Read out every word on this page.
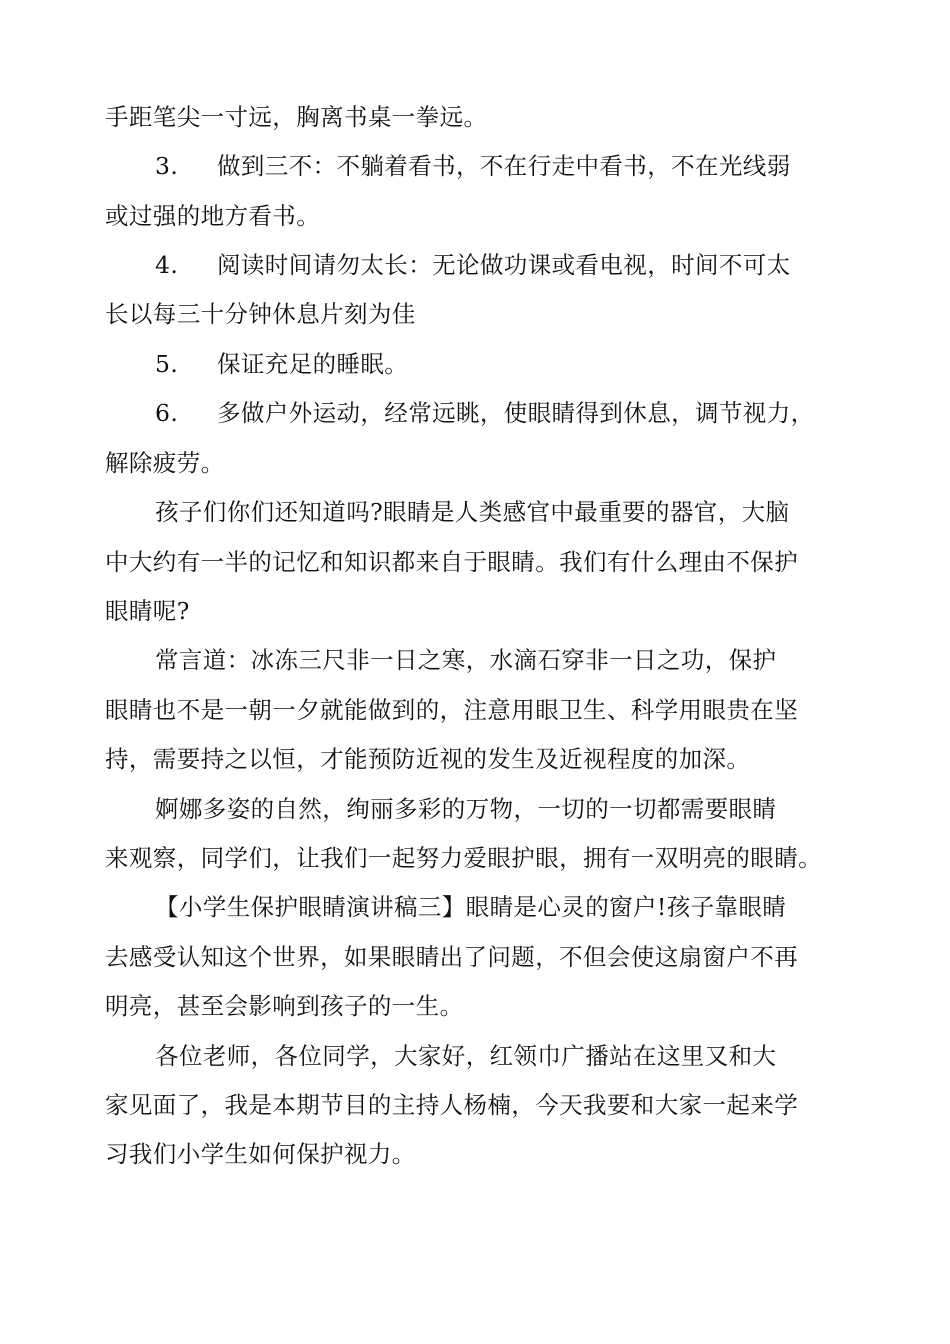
手距笔尖一寸远，胸离书桌一拳远。
3. 做到三不：不躺着看书，不在行走中看书，不在光线弱
或过强的地方看书。
4. 阅读时间请勿太长：无论做功课或看电视，时间不可太
长以每三十分钟休息片刻为佳
5. 保证充足的睡眠。
6. 多做户外运动，经常远眺，使眼睛得到休息，调节视力，
解除疲劳。
孩子们你们还知道吗?眼睛是人类感官中最重要的器官，大脑
中大约有一半的记忆和知识都来自于眼睛。我们有什么理由不保护
眼睛呢?
常言道：冰冻三尺非一日之寒，水滴石穿非一日之功，保护
眼睛也不是一朝一夕就能做到的，注意用眼卫生、科学用眼贵在坚
持，需要持之以恒，才能预防近视的发生及近视程度的加深。
婀娜多姿的自然，绚丽多彩的万物，一切的一切都需要眼睛
来观察，同学们，让我们一起努力爱眼护眼，拥有一双明亮的眼睛。
【小学生保护眼睛演讲稿三】眼睛是心灵的窗户!孩子靠眼睛
去感受认知这个世界，如果眼睛出了问题，不但会使这扇窗户不再
明亮，甚至会影响到孩子的一生。
各位老师，各位同学，大家好，红领巾广播站在这里又和大
家见面了，我是本期节目的主持人杨楠，今天我要和大家一起来学
习我们小学生如何保护视力。
